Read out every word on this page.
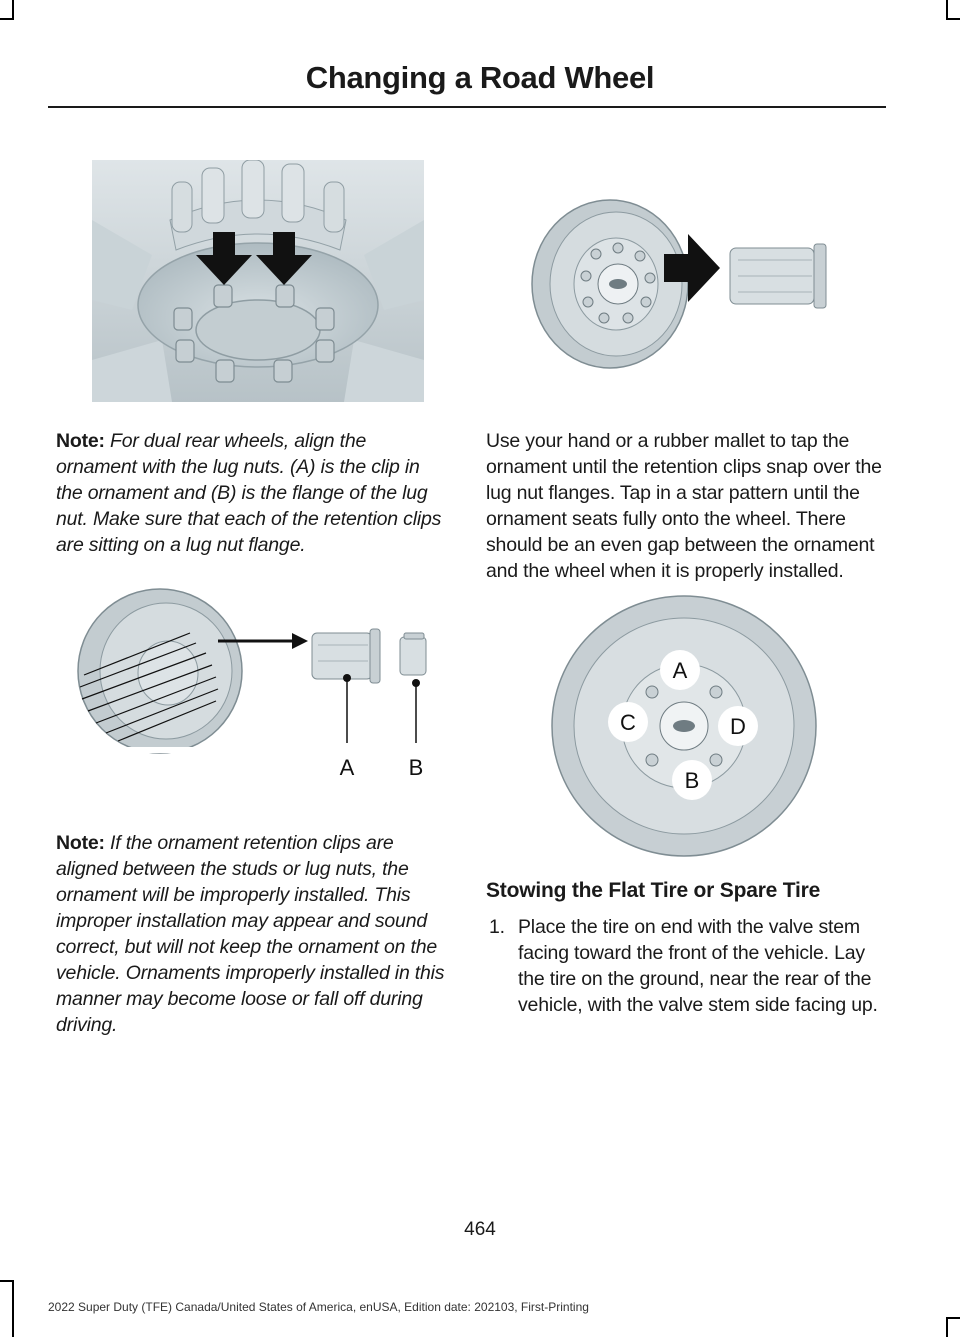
Changing a Road Wheel

Note: For dual rear wheels, align the ornament with the lug nuts. (A) is the clip in the ornament and (B) is the flange of the lug nut. Make sure that each of the retention clips are sitting on a lug nut flange.

Use your hand or a rubber mallet to tap the ornament until the retention clips snap over the lug nut flanges. Tap in a star pattern until the ornament seats fully onto the wheel. There should be an even gap between the ornament and the wheel when it is properly installed.

A B
A
C	D
B

Note: If the ornament retention clips are aligned between the studs or lug nuts, the ornament will be improperly installed. This improper installation may appear and sound correct, but will not keep the ornament on the vehicle. Ornaments improperly installed in this manner may become loose or fall off during driving.

Stowing the Flat Tire or Spare Tire

1. Place the tire on end with the valve stem facing toward the front of the vehicle. Lay the tire on the ground, near the rear of the vehicle, with the valve stem side facing up.

464
2022 Super Duty (TFE) Canada/United States of America, enUSA, Edition date: 202103, First-Printing
